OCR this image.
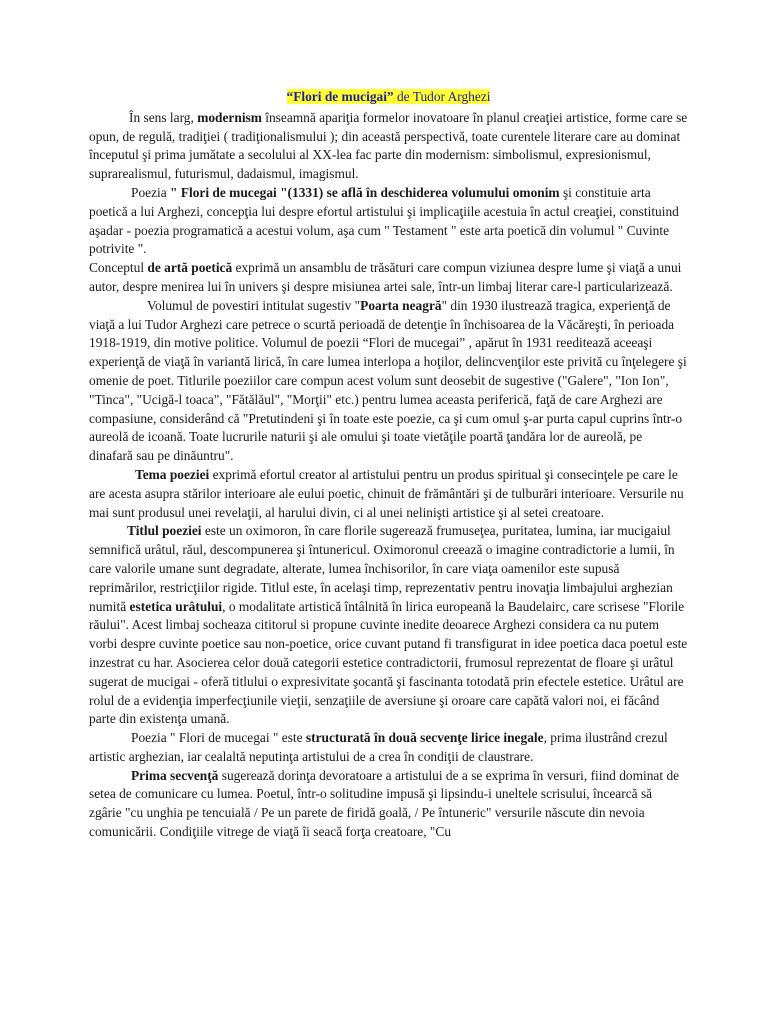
“Flori de mucigai” de Tudor Arghezi

În sens larg, modernism înseamnă apariţia formelor inovatoare în planul creaţiei artistice, forme care se opun, de regulă, tradiţiei ( tradiţionalismului ); din această perspectivă, toate curentele literare care au dominat începutul şi prima jumătate a secolului al XX-lea fac parte din modernism: simbolismul, expresionismul, suprarealismul, futurismul, dadaismul, imagismul.

Poezia " Flori de mucegai "(1331) se află în deschiderea volumului omonim şi constituie arta poetică a lui Arghezi, concepţia lui despre efortul artistului şi implicaţiile acestuia în actul creaţiei, constituind aşadar - poezia programatică a acestui volum, aşa cum " Testament " este arta poetică din volumul " Cuvinte potrivite ".

Conceptul de artă poetică exprimă un ansamblu de trăsături care compun viziunea despre lume şi viaţă a unui autor, despre menirea lui în univers şi despre misiunea artei sale, într-un limbaj literar care-l particularizează.

Volumul de povestiri intitulat sugestiv "Poarta neagră" din 1930 ilustrează tragica, experienţă de viaţă a lui Tudor Arghezi care petrece o scurtă perioadă de detenţie în închisoarea de la Văcăreşti, în perioada 1918-1919, din motive politice. Volumul de poezii “Flori de mucegai” , apărut în 1931 reeditează aceeaşi experienţă de viaţă în variantă lirică, în care lumea interlopa a hoţilor, delincvenţilor este privită cu înţelegere şi omenie de poet. Titlurile poeziilor care compun acest volum sunt deosebit de sugestive ("Galere", "Ion Ion", "Tinca", "Ucigă-l toaca", "Fătălăul", "Morţii" etc.) pentru lumea aceasta periferică, faţă de care Arghezi are compasiune, considerând că "Pretutindeni şi în toate este poezie, ca şi cum omul ş-ar purta capul cuprins într-o aureolă de icoană. Toate lucrurile naturii şi ale omului şi toate vietăţile poartă ţandăra lor de aureolă, pe dinafară sau pe dinăuntru".

Tema poeziei exprimă efortul creator al artistului pentru un produs spiritual şi consecinţele pe care le are acesta asupra stărilor interioare ale eului poetic, chinuit de frământări şi de tulburări interioare. Versurile nu mai sunt produsul unei revelaţii, al harului divin, ci al unei nelinişti artistice şi al setei creatoare.

Titlul poeziei este un oximoron, în care florile sugerează frumuseţea, puritatea, lumina, iar mucigaiul semnifică urâtul, răul, descompunerea şi întunericul. Oximoronul creează o imagine contradictorie a lumii, în care valorile umane sunt degradate, alterate, lumea închisorilor, în care viaţa oamenilor este supusă reprimărilor, restricţiilor rigide. Titlul este, în acelaşi timp, reprezentativ pentru inovaţia limbajului arghezian numită estetica urâtului, o modalitate artistică întâlnită în lirica europeană la Baudelairc, care scrisese "Florile răului". Acest limbaj socheaza cititorul si propune cuvinte inedite deoarece Arghezi considera ca nu putem vorbi despre cuvinte poetice sau non-poetice, orice cuvant putand fi transfigurat in idee poetica daca poetul este inzestrat cu har. Asocierea celor două categorii estetice contradictorii, frumosul reprezentat de floare şi urâtul sugerat de mucigai - oferă titlului o expresivitate şocantă şi fascinanta totodată prin efectele estetice. Urâtul are rolul de a evidenţia imperfecţiunile vieţii, senzaţiile de aversiune şi oroare care capătă valori noi, ei făcând parte din existenţa umană.

Poezia " Flori de mucegai " este structurată în două secvenţe lirice inegale, prima ilustrând crezul artistic arghezian, iar cealaltă neputinţa artistului de a crea în condiţii de claustrare.

Prima secvenţă sugerează dorinţa devoratoare a artistului de a se exprima în versuri, fiind dominat de setea de comunicare cu lumea. Poetul, într-o solitudine impusă şi lipsindu-i uneltele scrisului, încearcă să zgârie "cu unghia pe tencuială / Pe un parete de firidă goală, / Pe întuneric" versurile născute din nevoia comunicării. Condiţiile vitrege de viaţă îi seacă forţa creatoare, "Cu
